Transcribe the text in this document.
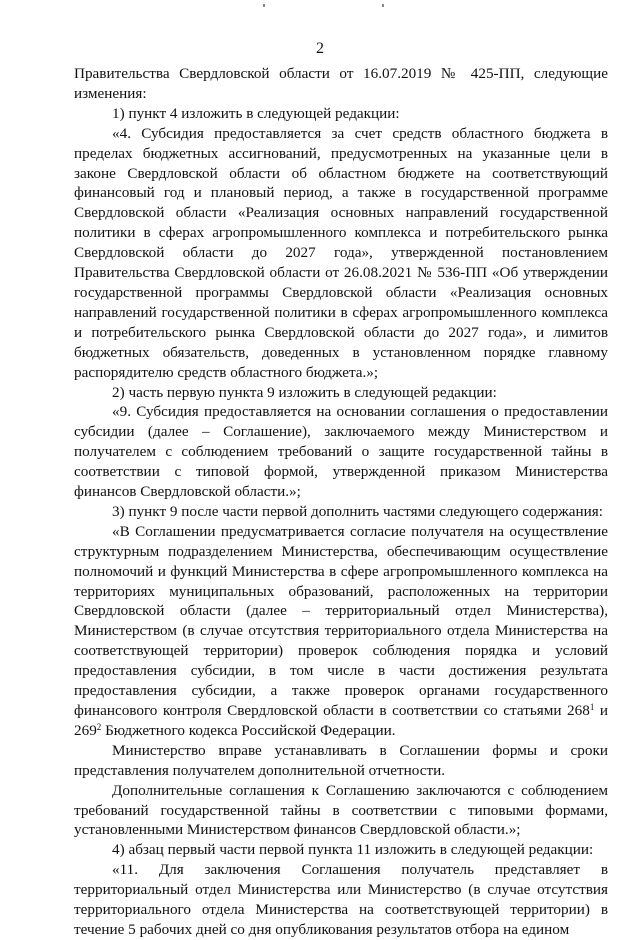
2

Правительства Свердловской области от 16.07.2019 № 425-ПП, следующие изменения:

1) пункт 4 изложить в следующей редакции:

«4. Субсидия предоставляется за счет средств областного бюджета в пределах бюджетных ассигнований, предусмотренных на указанные цели в законе Свердловской области об областном бюджете на соответствующий финансовый год и плановый период, а также в государственной программе Свердловской области «Реализация основных направлений государственной политики в сферах агропромышленного комплекса и потребительского рынка Свердловской области до 2027 года», утвержденной постановлением Правительства Свердловской области от 26.08.2021 № 536-ПП «Об утверждении государственной программы Свердловской области «Реализация основных направлений государственной политики в сферах агропромышленного комплекса и потребительского рынка Свердловской области до 2027 года», и лимитов бюджетных обязательств, доведенных в установленном порядке главному распорядителю средств областного бюджета.»;

2) часть первую пункта 9 изложить в следующей редакции:

«9. Субсидия предоставляется на основании соглашения о предоставлении субсидии (далее – Соглашение), заключаемого между Министерством и получателем с соблюдением требований о защите государственной тайны в соответствии с типовой формой, утвержденной приказом Министерства финансов Свердловской области.»;

3) пункт 9 после части первой дополнить частями следующего содержания:

«В Соглашении предусматривается согласие получателя на осуществление структурным подразделением Министерства, обеспечивающим осуществление полномочий и функций Министерства в сфере агропромышленного комплекса на территориях муниципальных образований, расположенных на территории Свердловской области (далее – территориальный отдел Министерства), Министерством (в случае отсутствия территориального отдела Министерства на соответствующей территории) проверок соблюдения порядка и условий предоставления субсидии, в том числе в части достижения результата предоставления субсидии, а также проверок органами государственного финансового контроля Свердловской области в соответствии со статьями $268^1$ и $269^2$ Бюджетного кодекса Российской Федерации.

Министерство вправе устанавливать в Соглашении формы и сроки представления получателем дополнительной отчетности.

Дополнительные соглашения к Соглашению заключаются с соблюдением требований государственной тайны в соответствии с типовыми формами, установленными Министерством финансов Свердловской области.»;

4) абзац первый части первой пункта 11 изложить в следующей редакции:

«11. Для заключения Соглашения получатель представляет в территориальный отдел Министерства или Министерство (в случае отсутствия территориального отдела Министерства на соответствующей территории) в течение 5 рабочих дней со дня опубликования результатов отбора на едином
